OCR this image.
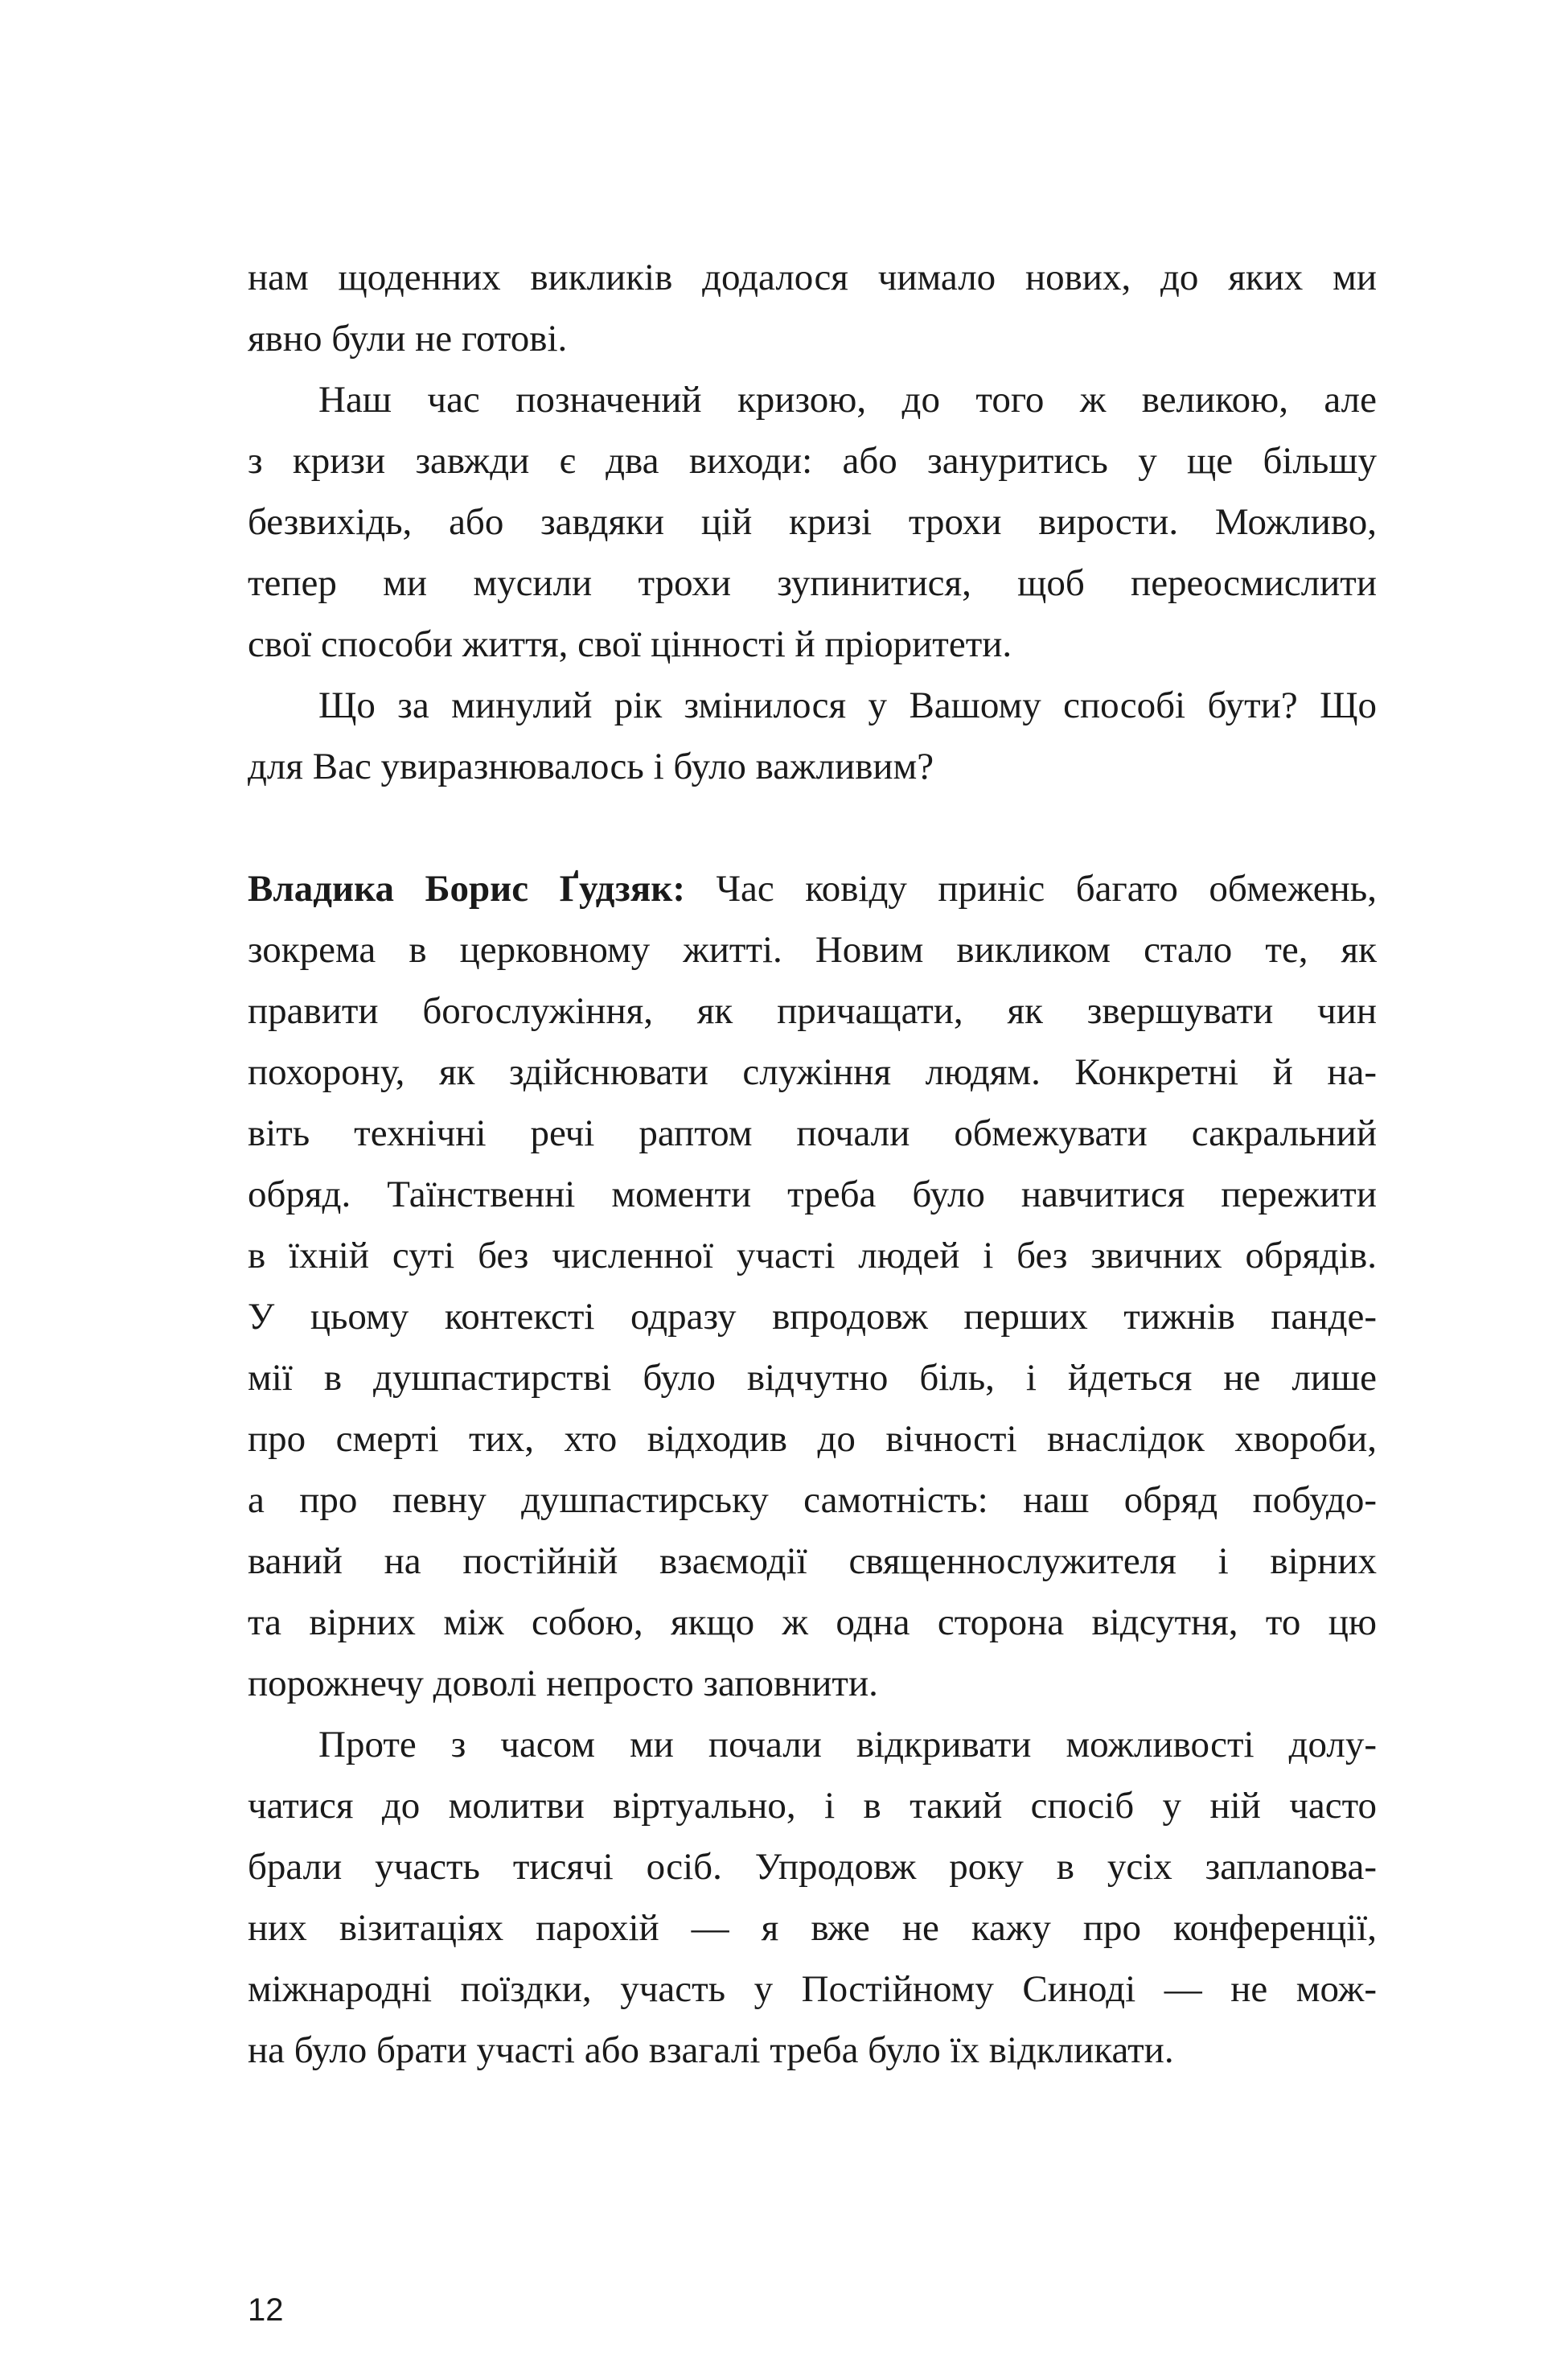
нам щоденних викликів додалося чимало нових, до яких ми
явно були не готові.
Наш час позначений кризою, до того ж великою, але
з кризи завжди є два виходи: або зануритись у ще більшу
безвихідь, або завдяки цій кризі трохи вирости. Можливо,
тепер ми мусили трохи зупинитися, щоб переосмислити
свої способи життя, свої цінності й пріоритети.
Що за минулий рік змінилося у Вашому способі бути? Що
для Вас увиразнювалось і було важливим?
Владика Борис Ґудзяк: Час ковіду приніс багато обмежень,
зокрема в церковному житті. Новим викликом стало те, як
правити богослужіння, як причащати, як звершувати чин
похорону, як здійснювати служіння людям. Конкретні й на-
віть технічні речі раптом почали обмежувати сакральний
обряд. Таїнственні моменти треба було навчитися пережити
в їхній суті без численної участі людей і без звичних обрядів.
У цьому контексті одразу впродовж перших тижнів панде-
мії в душпастирстві було відчутно біль, і йдеться не лише
про смерті тих, хто відходив до вічності внаслідок хвороби,
а про певну душпастирську самотність: наш обряд побудо-
ваний на постійній взаємодії священнослужителя і вірних
та вірних між собою, якщо ж одна сторона відсутня, то цю
порожнечу доволі непросто заповнити.
Проте з часом ми почали відкривати можливості долу-
чатися до молитви віртуально, і в такий спосіб у ній часто
брали участь тисячі осіб. Упродовж року в усіх заплanова-
них візитаціях парохій — я вже не кажу про конференції,
міжнародні поїздки, участь у Постійному Синоді — не мож-
на було брати участі або взагалі треба було їх відкликати.
12
